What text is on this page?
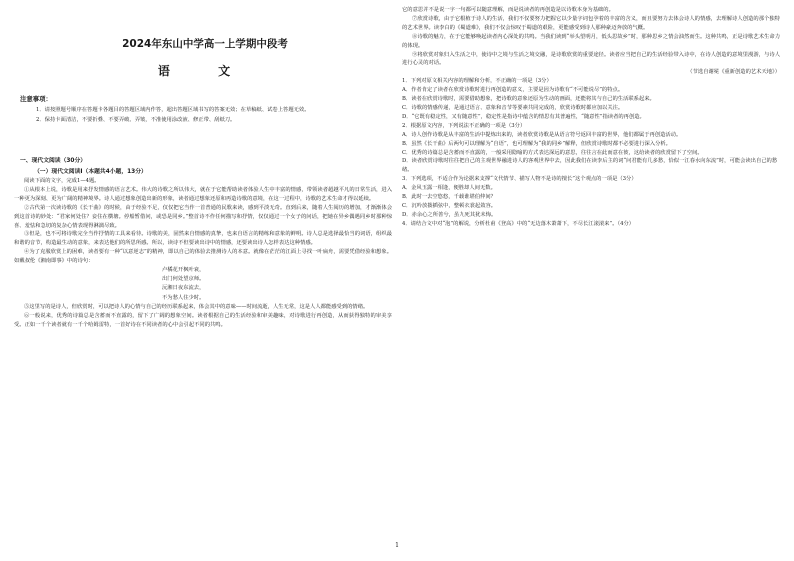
2024年东山中学高一上学期中段考
语 文
注意事项：
1．请按照题号顺序在答题卡各题目的答题区域内作答，超出答题区域书写的答案无效；在草稿纸、试卷上答题无效。
2．保持卡面清洁，不要折叠、不要弄破、弄皱，不准使用涂改液、修正带、刮纸刀。
一、现代文阅读（30分）
（一）现代文阅读Ⅰ（本题共4小题，13分）

阅读下面的文字，完成1—4题。

①从根本上说，诗歌是用来抒发情感的语言艺术。伟大的诗歌之所以伟大，就在于它能帮助读者体验人生中丰富的情感，带领读者超越平凡的日常生活，进入一种更为深刻、更为广阔的精神境界。诗人通过想象创造出新的形象，读者通过想象还原和再造诗歌的意境，在这一过程中，诗歌的艺术生命才得以延续。

②古代第一次读诗歌的《长干曲》的时候，由于经验不足，仅仅把它当作一首普通的民歌来读，感到平淡无奇。直到后来，随着人生阅历的增加，才渐渐体会到这首诗的妙处：“君家何处住？妾住在横塘。停船暂借问，或恐是同乡。”整首诗不作任何描写和抒情，仅仅通过一个女子的问话，把她在异乡偶遇同乡时那种惊喜、羞怯和急切的复杂心情表现得淋漓尽致。

③但是，也不可将诗歌完全当作抒情的工具来看待。诗歌的美，固然来自情感的真挚，也来自语言的精练和意象的鲜明。诗人总是选择最恰当的词语，组织最和谐的音节，构造最生动的意象，来表达他们的所思所感。所以，读诗不但要读出诗中的情感，还要读出诗人怎样表达这种情感。

④为了克服欣赏上的困难，读者要有一种“以意逆志”的精神，即以自己的体验去推测诗人的本意。就像在茫茫的江面上寻找一叶扁舟，需要凭借经验和想象。如戴叔伦《湘南即事》中的诗句：

卢橘花开枫叶衰，

出门何处望京师。

沅湘日夜东流去，

不为愁人住少时。

⑤这里写的是诗人，但欣赏时，可以把诗人的心情与自己的经历联系起来，体会其中的意味——时间流逝，人生无常，这是人人都能感受到的情绪。

⑥一般说来，优秀的诗篇总是含蓄而不直露的，留下了广阔的想象空间。读者根据自己的生活经验和审美趣味，对诗歌进行再创造，从而获得独特的审美享受。正如一千个读者就有一千个哈姆雷特，一首好诗在不同读者的心中会引起不同的共鸣。

它的意思并不是说一字一句都可以随意理解，而是说读者的再创造是以诗歌本身为基础的。

⑦欣赏诗歌，由于它根植于诗人的生活，我们不仅要努力把握它以少量字词包孕着的丰富的含义，而且要努力去体会诗人的情感，去理解诗人创造的那个独特的艺术世界。读李白的《蜀道难》，我们不仅会惊叹于蜀道的艰险，更能感受到诗人那种豪迈奔放的气概。

⑧诗歌的魅力，在于它能够唤起读者内心深处的共鸣。当我们读到“举头望明月，低头思故乡”时，那种思乡之情会油然而生。这种共鸣，正是诗歌艺术生命力的体现。

⑨将欣赏对象归入生活之中，使诗中之境与生活之境交融，是诗歌欣赏的重要途径。读者应当把自己的生活经验带入诗中，在诗人创造的意境里漫游，与诗人进行心灵的对话。

（节选自谢冕《重新创造的艺术天地》）

1．下列对原文相关内容的理解和分析，不正确的一项是（3分）

A．作者肯定了读者在欣赏诗歌时进行再创造的意义，主要是因为诗歌有“不可能说尽”的特点。

B．读者在欣赏诗歌时，需要借助想象，把诗歌的意象还原为生动的画面，还能将其与自己的生活联系起来。

C．诗歌的情感传递，是通过语言、意象和音节等要素共同完成的，欣赏诗歌时都应加以关注。

D．“它既有稳定性，又有随意性”，稳定性是指诗中蕴含的情思有其普遍性，“随意性”指读者的再创造。

2．根据原文内容，下列说法不正确的一项是（3分）

A．诗人创作诗歌是从丰富的生活中提炼出来的，读者欣赏诗歌是从语言符号返回丰富的世界，他们都属于再创造活动。

B．虽然《长干曲》后两句可以理解为“自语”，也可理解为“我的同乡”解释，但欣赏诗歌时都不必要进行深入分析。

C．优秀的诗篇总是含蓄而不直露的，一般采用隐喻的方式表达深远的意思，往往言在此而意在彼，这给读者的欣赏留下了空间。

D．读者欣赏诗歌时往往把自己的主观世界融进诗人的客观世界中去，因此我们在读李后主的词“问君能有几多愁，恰似一江春水向东流”时，可能会读出自己的愁绪。

3．下列选项，不适合作为论据来支撑“文代情节、描写人物不是诗的擅长”这个观点的一项是（3分）

A．金风玉露一相逢，便胜却人间无数。

B．此时一去空悠悠，千载谁堪伯仲间？

C．沉吟放拨插弦中，整顿衣裳起敛容。

D．赤余心之所善兮，虽九死其犹未悔。

4．请结合文中对“泡”的解说，分析杜甫《登高》中的“无边落木萧萧下，不尽长江滚滚来”。（4分）

1
